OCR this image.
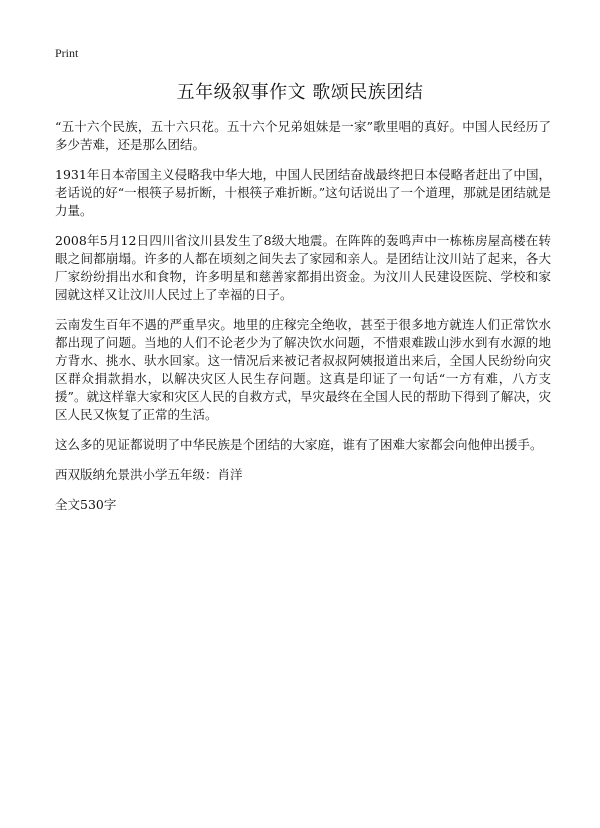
Print
五年级叙事作文 歌颂民族团结

“五十六个民族，五十六只花。五十六个兄弟姐妹是一家”歌里唱的真好。中国人民经历了多少苦难，还是那么团结。

1931年日本帝国主义侵略我中华大地，中国人民团结奋战最终把日本侵略者赶出了中国，老话说的好“一根筷子易折断，十根筷子难折断。”这句话说出了一个道理，那就是团结就是力量。

2008年5月12日四川省汶川县发生了8级大地震。在阵阵的轰鸣声中一栋栋房屋高楼在转眼之间都崩塌。许多的人都在顷刻之间失去了家园和亲人。是团结让汶川站了起来，各大厂家纷纷捐出水和食物，许多明星和慈善家都捐出资金。为汶川人民建设医院、学校和家园就这样又让汶川人民过上了幸福的日子。

云南发生百年不遇的严重旱灾。地里的庄稼完全绝收，甚至于很多地方就连人们正常饮水都出现了问题。当地的人们不论老少为了解决饮水问题，不惜艰难跋山涉水到有水源的地方背水、挑水、驮水回家。这一情况后来被记者叔叔阿姨报道出来后，全国人民纷纷向灾区群众捐款捐水，以解决灾区人民生存问题。这真是印证了一句话“一方有难，八方支援”。就这样靠大家和灾区人民的自救方式，旱灾最终在全国人民的帮助下得到了解决，灾区人民又恢复了正常的生活。

这么多的见证都说明了中华民族是个团结的大家庭，谁有了困难大家都会向他伸出援手。

西双版纳允景洪小学五年级：肖洋

全文530字
